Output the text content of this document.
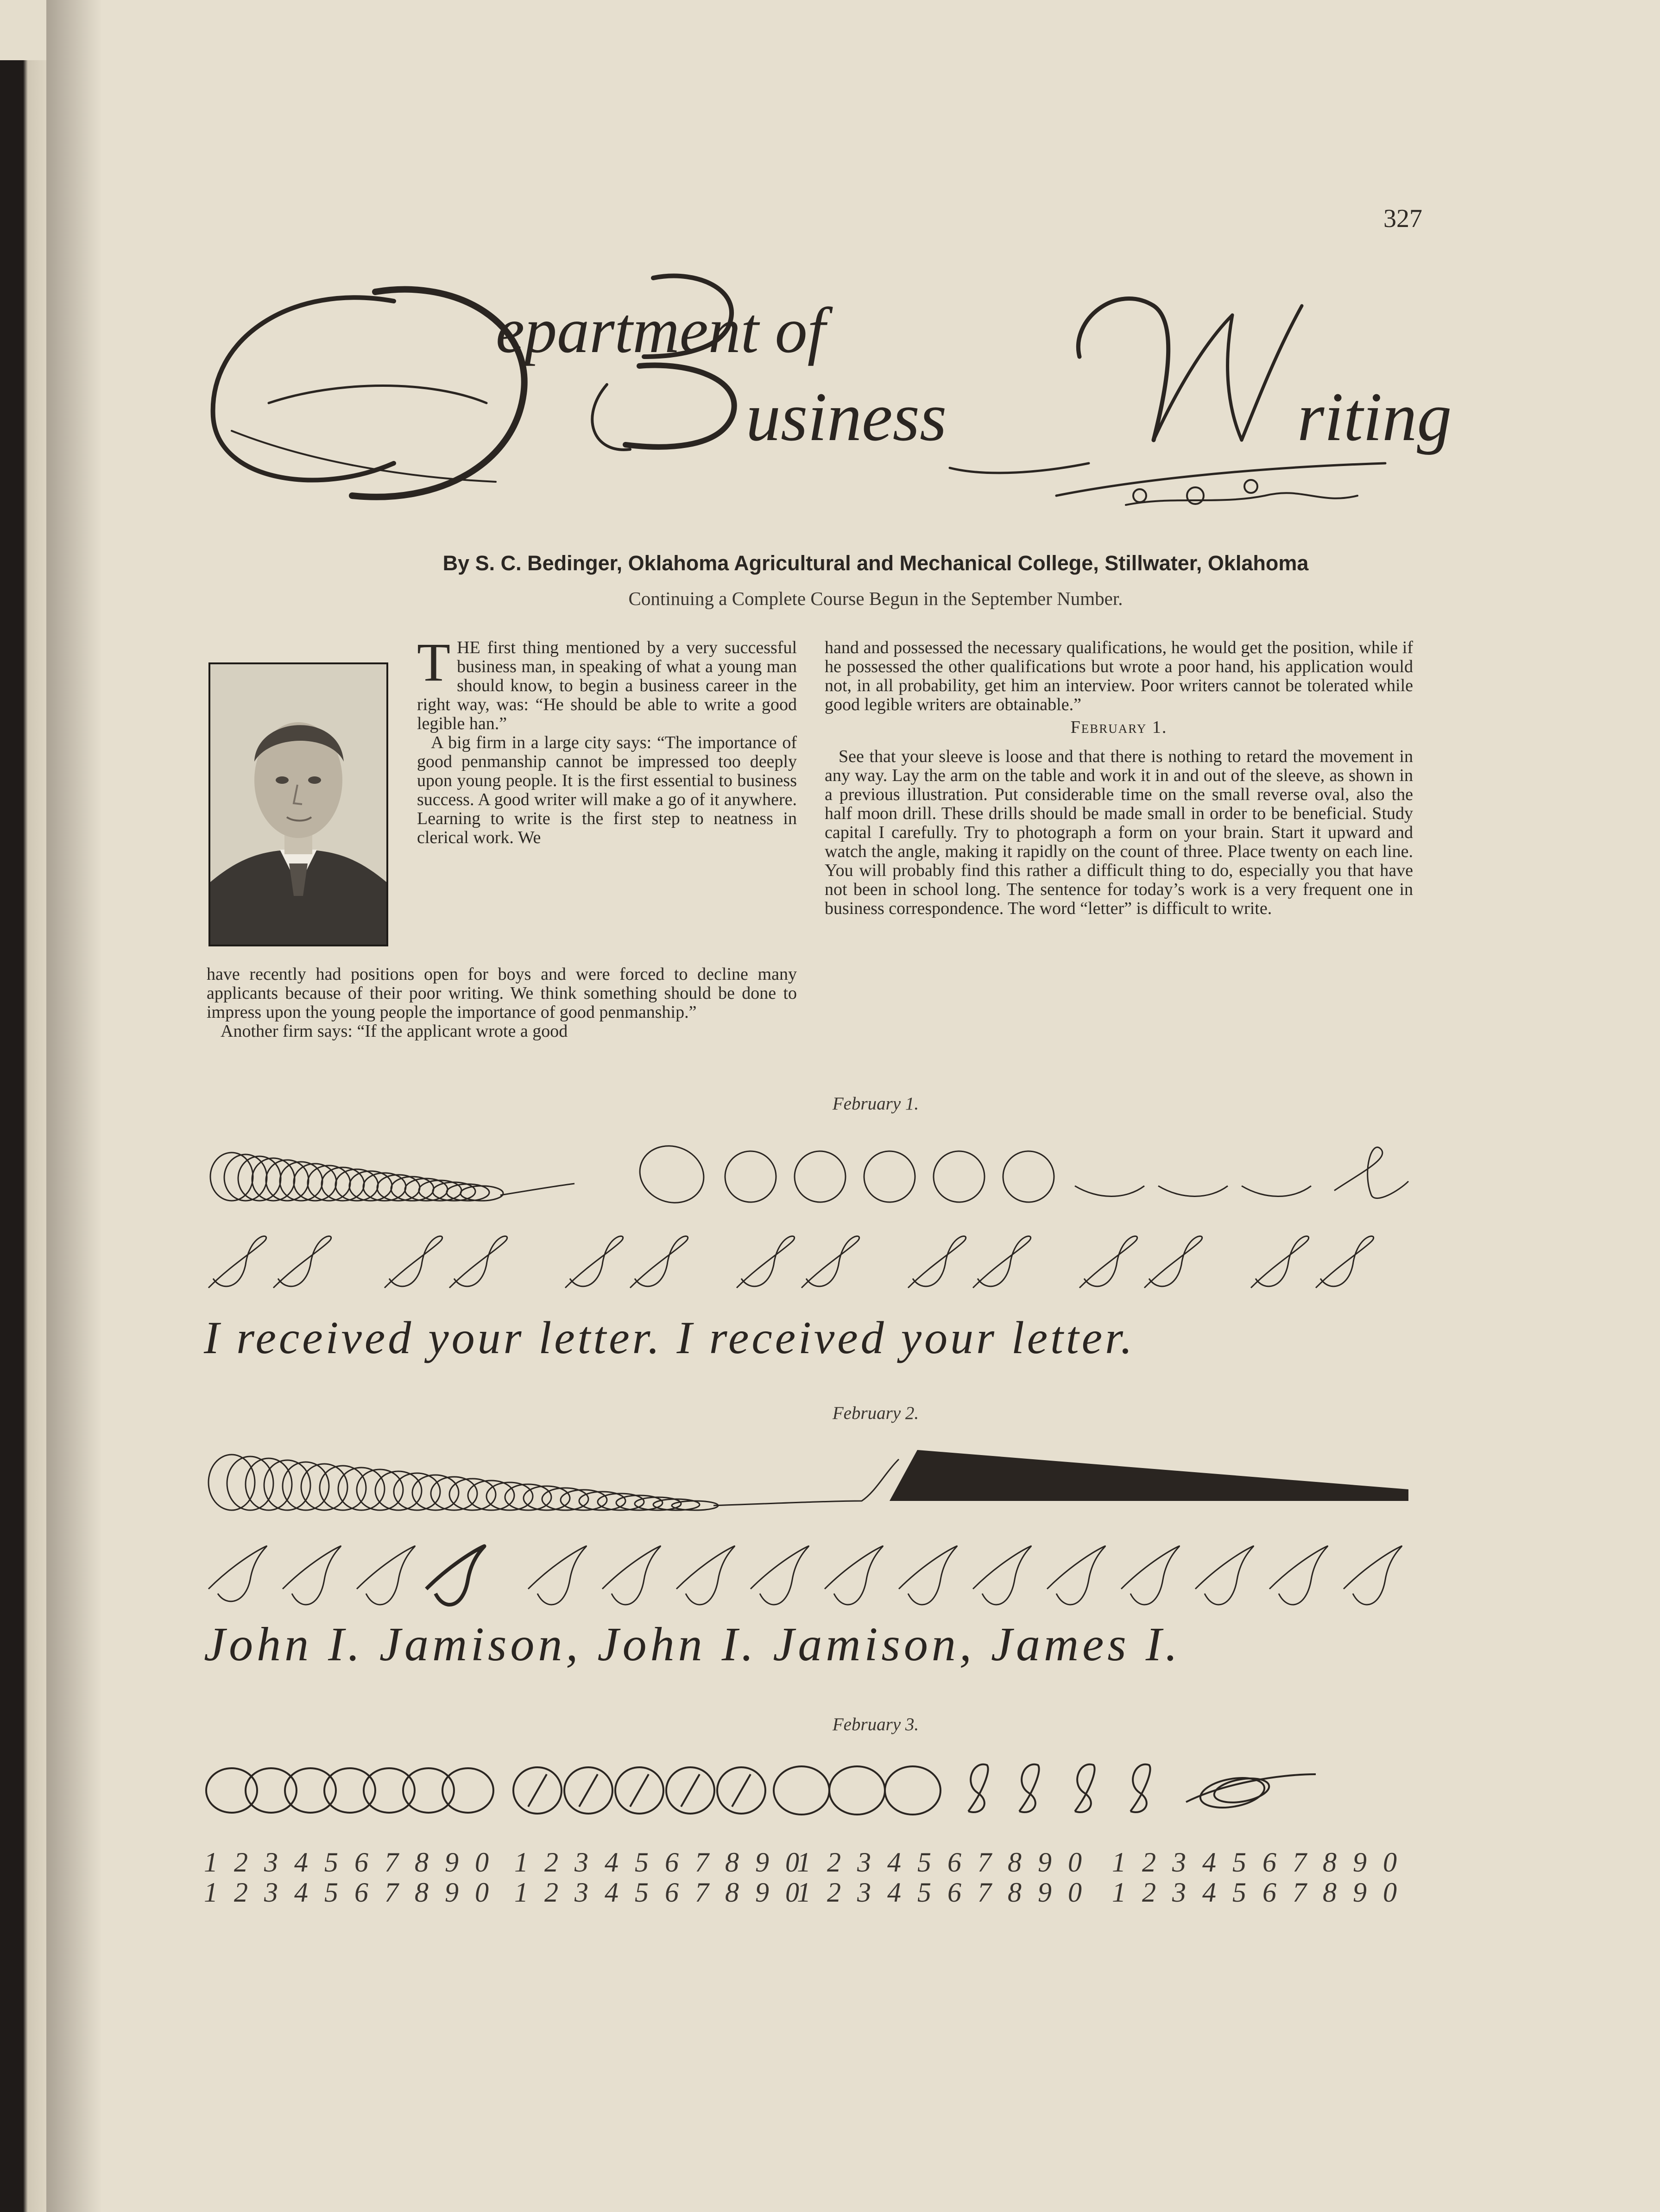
327
epartment of
usiness	riting
By S. C. Bedinger, Oklahoma Agricultural and Mechanical College, Stillwater, Oklahoma
Continuing a Complete Course Begun in the September Number.

THE first thing mentioned by a very successful business man, in speaking of what a young man should know, to begin a business career in the right way, was: “He should be able to write a good legible han.”

A big firm in a large city says: “The importance of good penmanship cannot be impressed too deeply upon young people. It is the first essential to business success. A good writer will make a go of it anywhere. Learning to write is the first step to neatness in clerical work. We

have recently had positions open for boys and were forced to decline many applicants because of their poor writing. We think something should be done to impress upon the young people the importance of good penmanship.”

Another firm says: “If the applicant wrote a good

hand and possessed the necessary qualifications, he would get the position, while if he possessed the other qualifications but wrote a poor hand, his application would not, in all probability, get him an interview. Poor writers cannot be tolerated while good legible writers are obtainable.”

February 1.

See that your sleeve is loose and that there is nothing to retard the movement in any way. Lay the arm on the table and work it in and out of the sleeve, as shown in a previous illustration. Put considerable time on the small reverse oval, also the half moon drill. These drills should be made small in order to be beneficial. Study capital I carefully. Try to photograph a form on your brain. Start it upward and watch the angle, making it rapidly on the count of three. Place twenty on each line. You will probably find this rather a difficult thing to do, especially you that have not been in school long. The sentence for today’s work is a very frequent one in business correspondence. The word “letter” is difficult to write.

February 1.
I received your letter. I received your letter.
February 2.
John I. Jamison, John I. Jamison, James I.
February 3.
1 2 3 4 5 6 7 8 9 0 1 2 3 4 5 6 7 8 9 0
1 2 3 4 5 6 7 8 9 0 1 2 3 4 5 6 7 8 9 0
1 2 3 4 5 6 7 8 9 0 1 2 3 4 5 6 7 8 9 0
1 2 3 4 5 6 7 8 9 0 1 2 3 4 5 6 7 8 9 0
